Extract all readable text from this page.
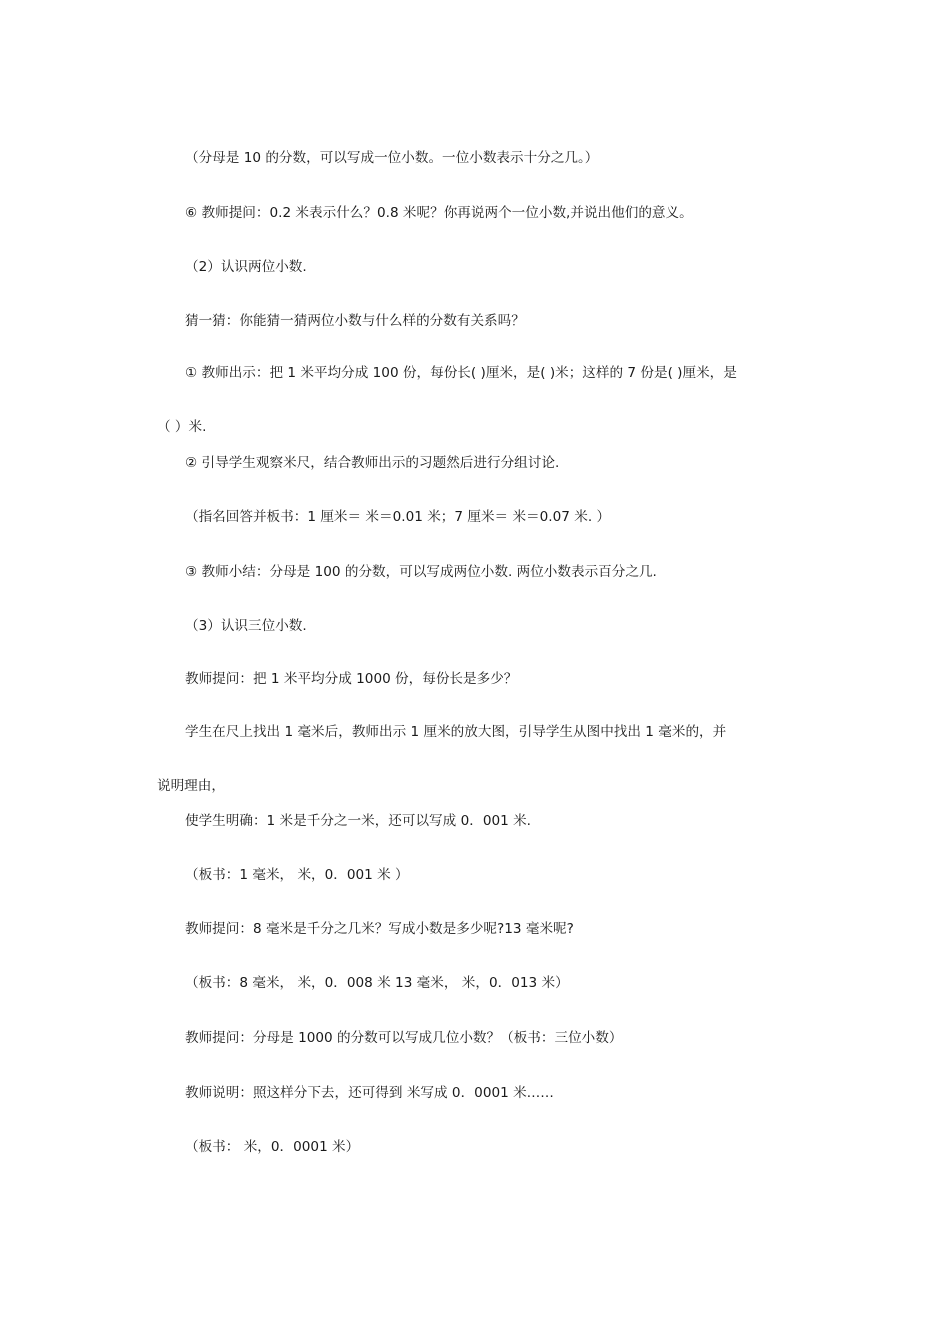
（分母是 10 的分数，可以写成一位小数。一位小数表示十分之几。）

⑥ 教师提问：0.2 米表示什么？0.8 米呢？你再说两个一位小数,并说出他们的意义。

（2）认识两位小数.

猜一猜：你能猜一猜两位小数与什么样的分数有关系吗？

① 教师出示：把 1 米平均分成 100 份，每份长( )厘米，是( )米；这样的 7 份是( )厘米，是（ ）米.

② 引导学生观察米尺，结合教师出示的习题然后进行分组讨论.

（指名回答并板书：1 厘米＝ 米＝0.01 米；7 厘米＝ 米＝0.07 米. ）

③ 教师小结：分母是 100 的分数，可以写成两位小数. 两位小数表示百分之几.

（3）认识三位小数.

教师提问：把 1 米平均分成 1000 份，每份长是多少？

学生在尺上找出 1 毫米后，教师出示 1 厘米的放大图，引导学生从图中找出 1 毫米的，并说明理由，

使学生明确：1 米是千分之一米，还可以写成 0．001 米.

（板书：1 毫米， 米，0．001 米 ）

教师提问：8 毫米是千分之几米？写成小数是多少呢?13 毫米呢?

（板书：8 毫米， 米，0．008 米 13 毫米， 米，0．013 米）

教师提问：分母是 1000 的分数可以写成几位小数？（板书：三位小数）

教师说明：照这样分下去，还可得到 米写成 0．0001 米……

（板书： 米，0．0001 米）
